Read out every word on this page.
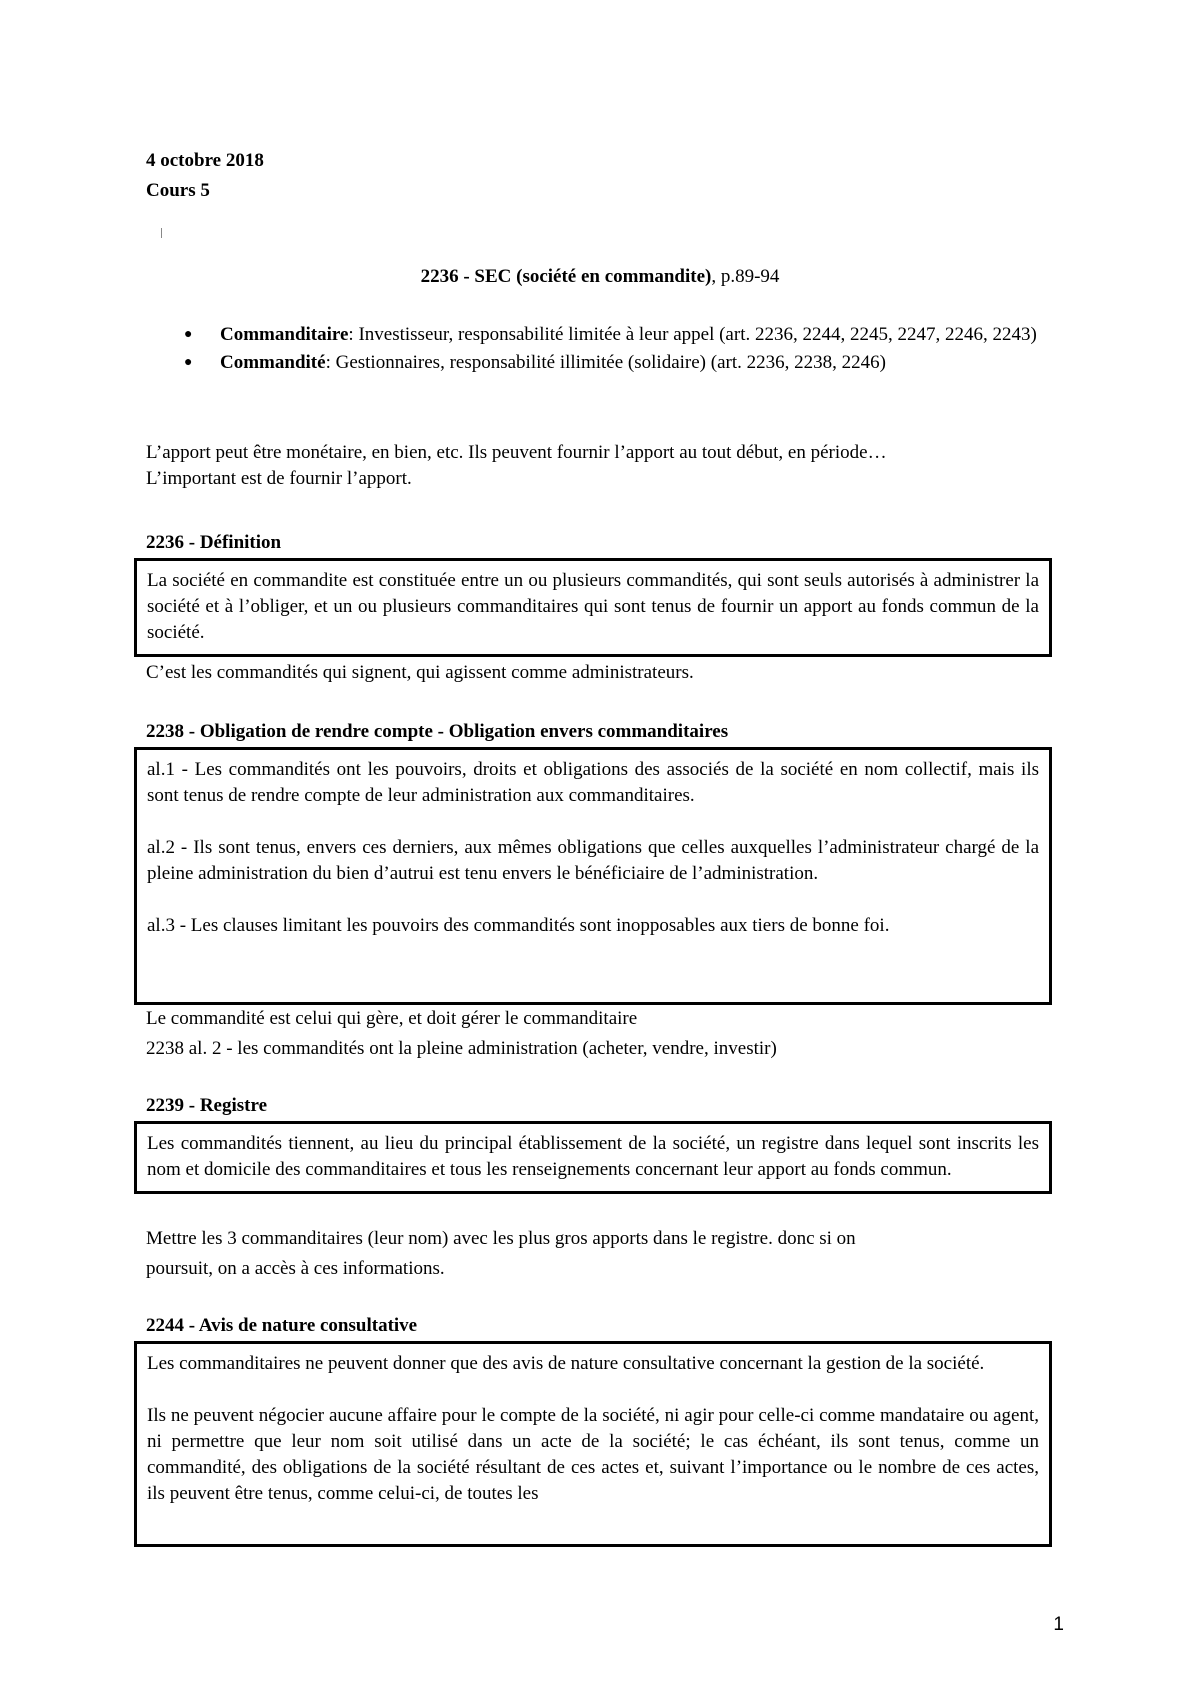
4 octobre 2018
Cours 5
2236 - SEC (société en commandite), p.89-94
● Commanditaire: Investisseur, responsabilité limitée à leur appel (art. 2236, 2244, 2245, 2247, 2246, 2243)
● Commandité: Gestionnaires, responsabilité illimitée (solidaire) (art. 2236, 2238, 2246)
L’apport peut être monétaire, en bien, etc. Ils peuvent fournir l’apport au tout début, en période…
L’important est de fournir l’apport.
2236 - Définition

La société en commandite est constituée entre un ou plusieurs commandités, qui sont seuls autorisés à administrer la société et à l’obliger, et un ou plusieurs commanditaires qui sont tenus de fournir un apport au fonds commun de la société.

C’est les commandités qui signent, qui agissent comme administrateurs.
2238 - Obligation de rendre compte - Obligation envers commanditaires

al.1 - Les commandités ont les pouvoirs, droits et obligations des associés de la société en nom collectif, mais ils sont tenus de rendre compte de leur administration aux commanditaires.

al.2 - Ils sont tenus, envers ces derniers, aux mêmes obligations que celles auxquelles l’administrateur chargé de la pleine administration du bien d’autrui est tenu envers le bénéficiaire de l’administration.

al.3 - Les clauses limitant les pouvoirs des commandités sont inopposables aux tiers de bonne foi.

Le commandité est celui qui gère, et doit gérer le commanditaire
2238 al. 2 - les commandités ont la pleine administration (acheter, vendre, investir)
2239 - Registre

Les commandités tiennent, au lieu du principal établissement de la société, un registre dans lequel sont inscrits les nom et domicile des commanditaires et tous les renseignements concernant leur apport au fonds commun.

Mettre les 3 commanditaires (leur nom) avec les plus gros apports dans le registre. donc si on
poursuit, on a accès à ces informations.
2244 - Avis de nature consultative

Les commanditaires ne peuvent donner que des avis de nature consultative concernant la gestion de la société.

Ils ne peuvent négocier aucune affaire pour le compte de la société, ni agir pour celle-ci comme mandataire ou agent, ni permettre que leur nom soit utilisé dans un acte de la société; le cas échéant, ils sont tenus, comme un commandité, des obligations de la société résultant de ces actes et, suivant l’importance ou le nombre de ces actes, ils peuvent être tenus, comme celui-ci, de toutes les

1
